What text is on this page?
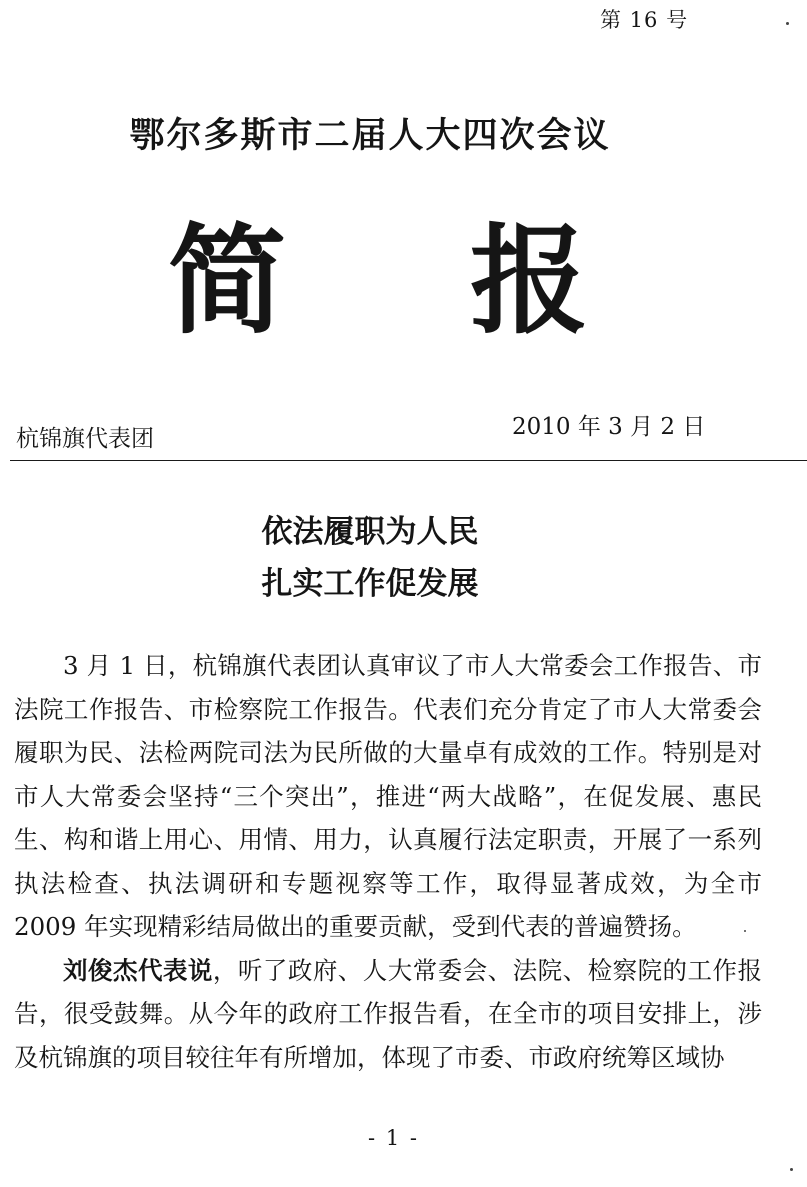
第 16 号
鄂尔多斯市二届人大四次会议
简 报
杭锦旗代表团	2010 年 3 月 2 日
依法履职为人民
扎实工作促发展

3 月 1 日，杭锦旗代表团认真审议了市人大常委会工作报告、市法院工作报告、市检察院工作报告。代表们充分肯定了市人大常委会履职为民、法检两院司法为民所做的大量卓有成效的工作。特别是对市人大常委会坚持“三个突出”，推进“两大战略”，在促发展、惠民生、构和谐上用心、用情、用力，认真履行法定职责，开展了一系列执法检查、执法调研和专题视察等工作，取得显著成效，为全市 2009 年实现精彩结局做出的重要贡献，受到代表的普遍赞扬。

刘俊杰代表说，听了政府、人大常委会、法院、检察院的工作报告，很受鼓舞。从今年的政府工作报告看，在全市的项目安排上，涉及杭锦旗的项目较往年有所增加，体现了市委、市政府统筹区域协

- 1 -
